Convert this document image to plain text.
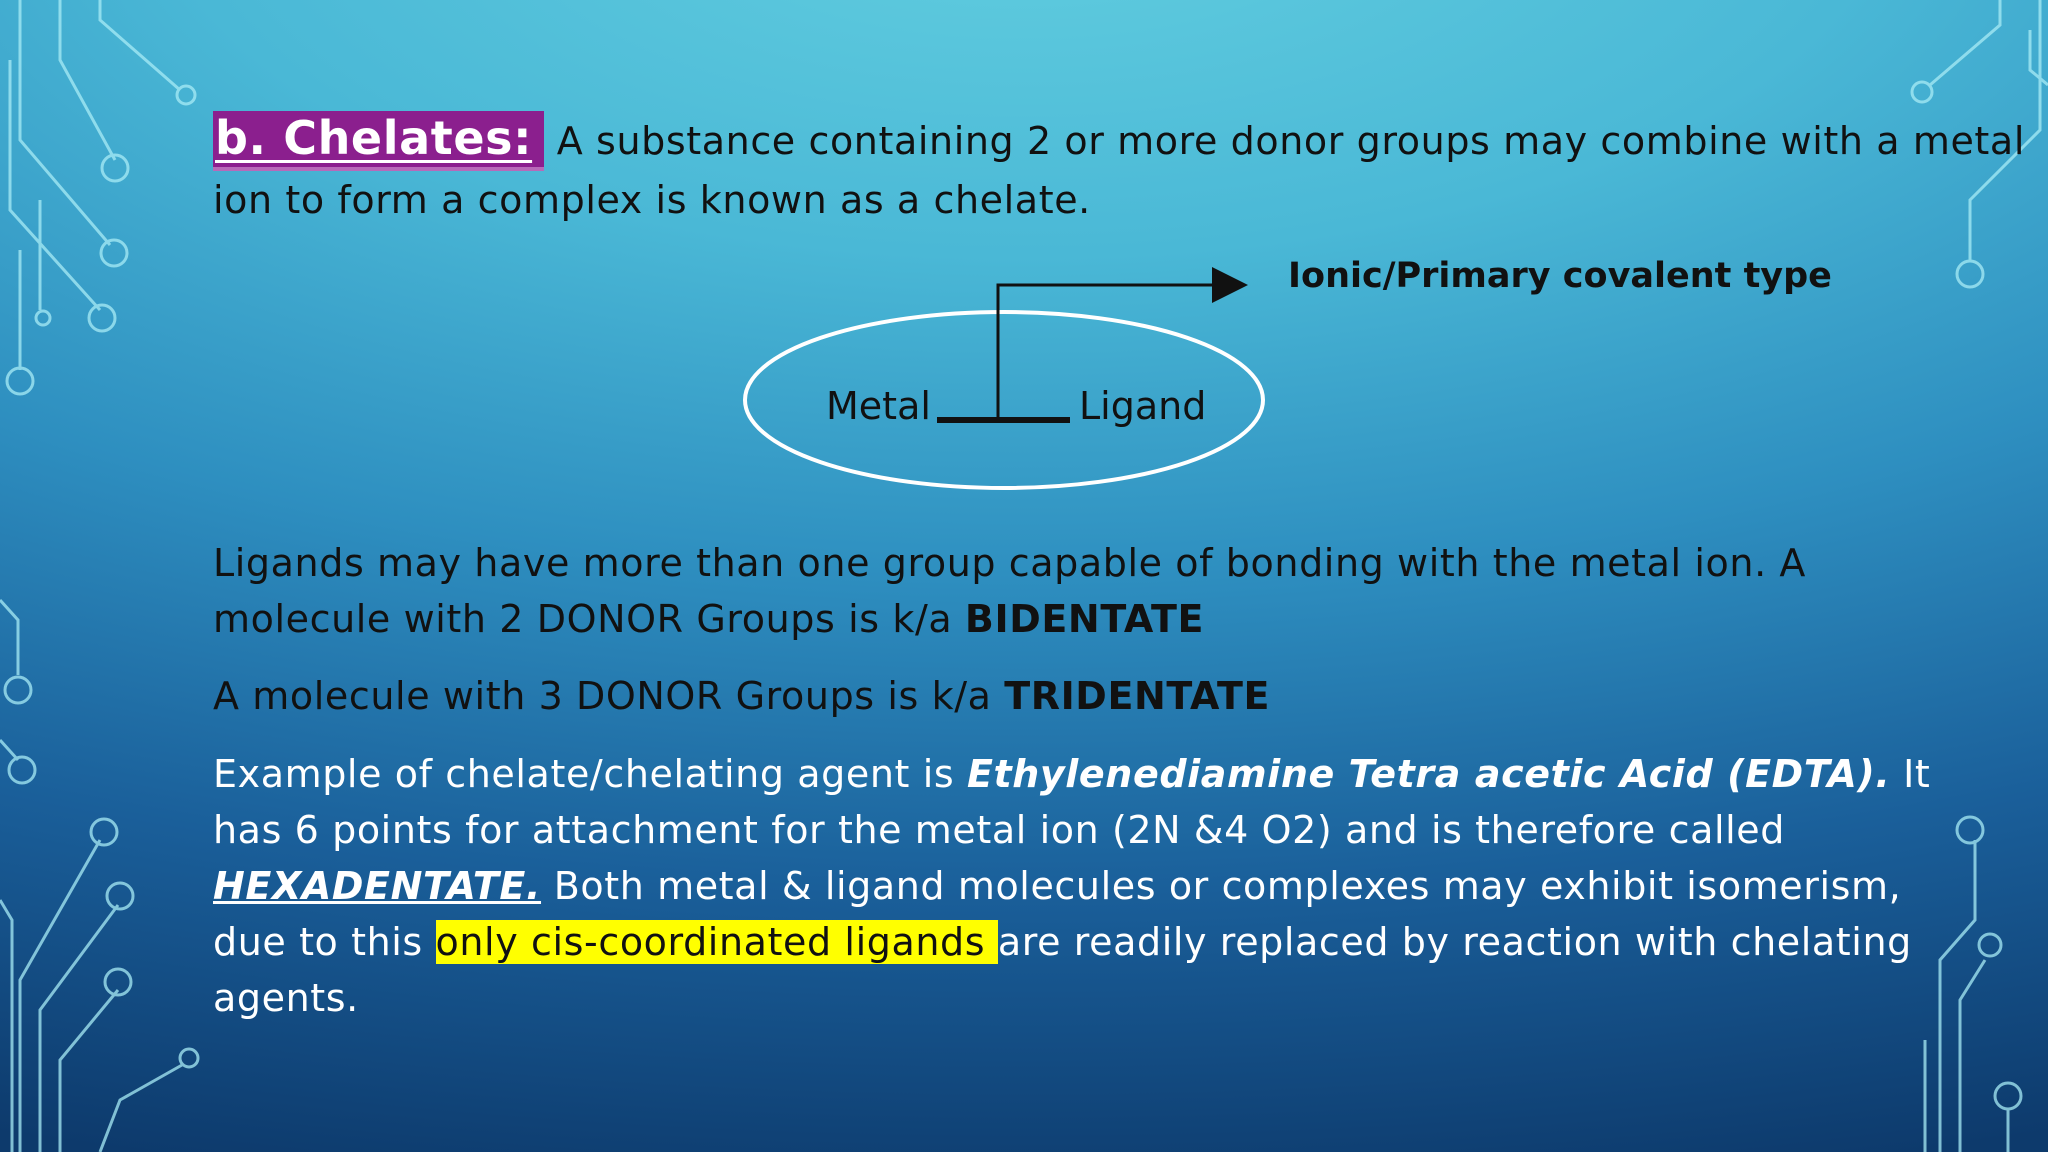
b. Chelates: A substance containing 2 or more donor groups may combine with a metal

ion to form a complex is known as a chelate.

Metal	Ligand
Ionic/Primary covalent type

Ligands may have more than one group capable of bonding with the metal ion. A molecule with 2 DONOR Groups is k/a BIDENTATE

A molecule with 3 DONOR Groups is k/a TRIDENTATE

Example of chelate/chelating agent is Ethylenediamine Tetra acetic Acid (EDTA). It has 6 points for attachment for the metal ion (2N &4 O2) and is therefore called HEXADENTATE. Both metal & ligand molecules or complexes may exhibit isomerism, due to this only cis-coordinated ligands are readily replaced by reaction with chelating agents.
